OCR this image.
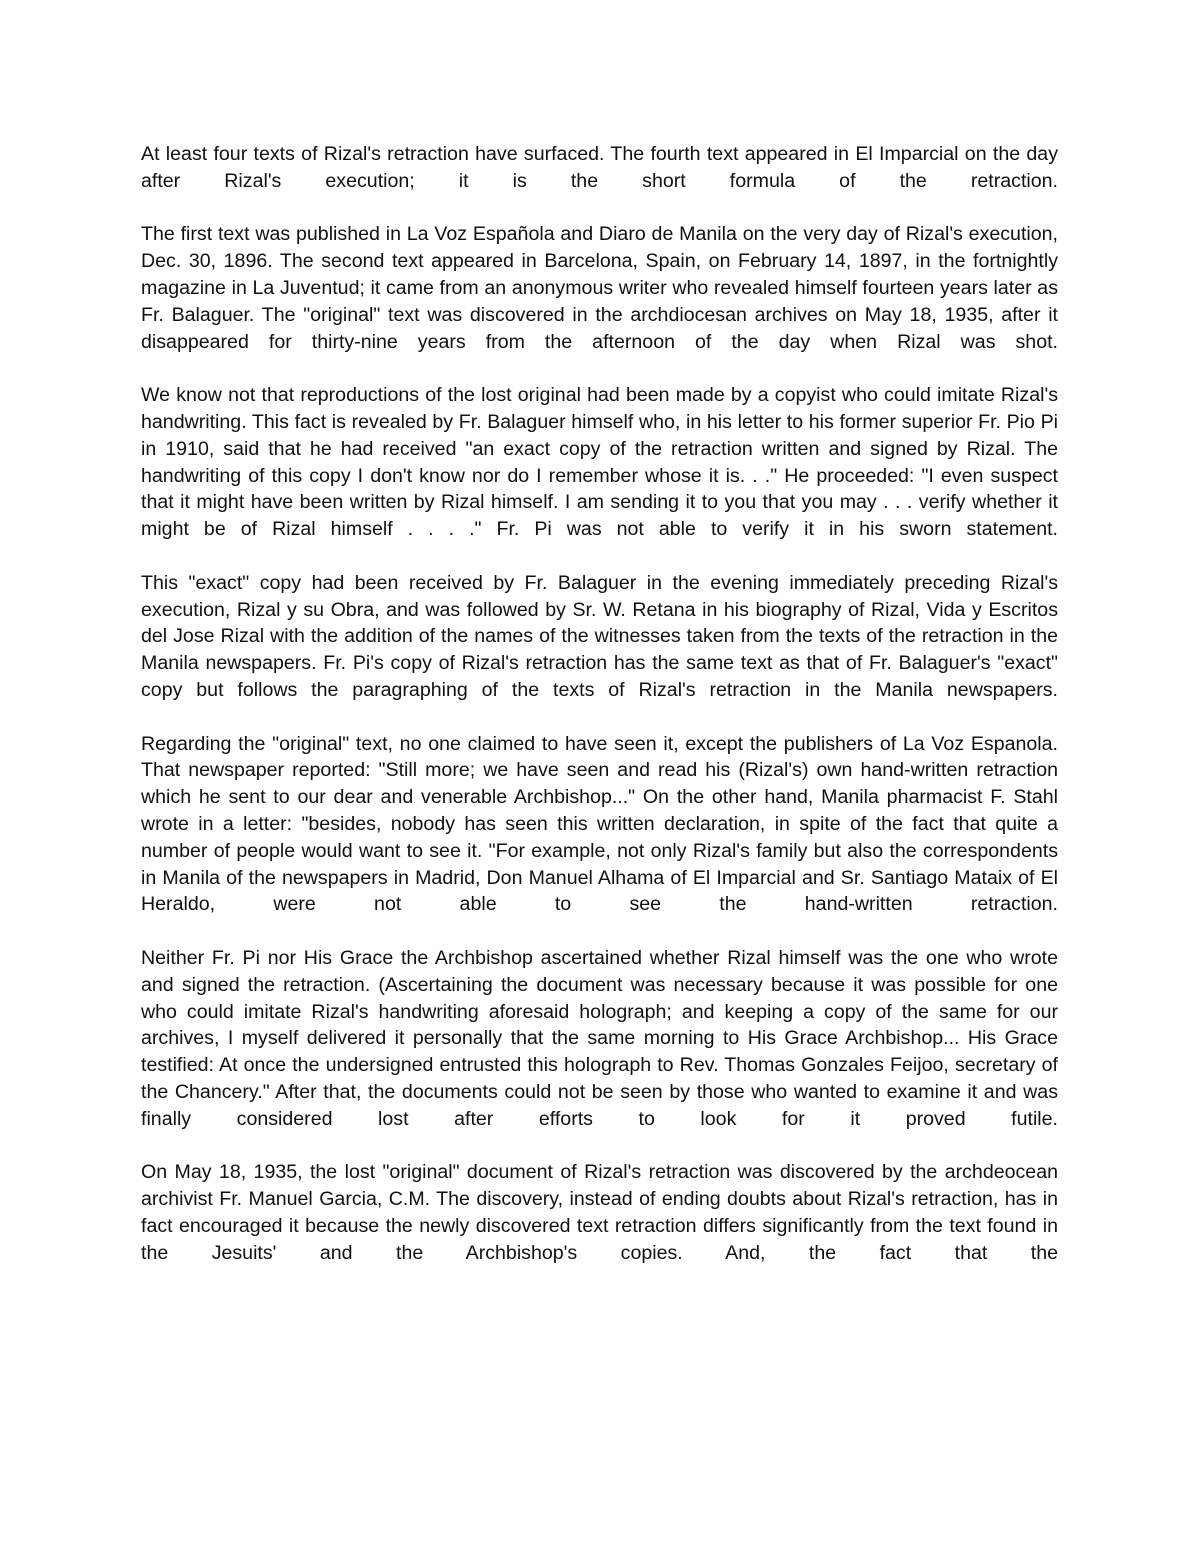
At least four texts of Rizal's retraction have surfaced. The fourth text appeared in El Imparcial on the day after Rizal's execution; it is the short formula of the retraction.

The first text was published in La Voz Española and Diaro de Manila on the very day of Rizal's execution, Dec. 30, 1896. The second text appeared in Barcelona, Spain, on February 14, 1897, in the fortnightly magazine in La Juventud; it came from an anonymous writer who revealed himself fourteen years later as Fr. Balaguer. The "original" text was discovered in the archdiocesan archives on May 18, 1935, after it disappeared for thirty-nine years from the afternoon of the day when Rizal was shot.

We know not that reproductions of the lost original had been made by a copyist who could imitate Rizal's handwriting. This fact is revealed by Fr. Balaguer himself who, in his letter to his former superior Fr. Pio Pi in 1910, said that he had received "an exact copy of the retraction written and signed by Rizal. The handwriting of this copy I don't know nor do I remember whose it is. . ." He proceeded: "I even suspect that it might have been written by Rizal himself. I am sending it to you that you may . . . verify whether it might be of Rizal himself . . . ." Fr. Pi was not able to verify it in his sworn statement.

This "exact" copy had been received by Fr. Balaguer in the evening immediately preceding Rizal's execution, Rizal y su Obra, and was followed by Sr. W. Retana in his biography of Rizal, Vida y Escritos del Jose Rizal with the addition of the names of the witnesses taken from the texts of the retraction in the Manila newspapers. Fr. Pi's copy of Rizal's retraction has the same text as that of Fr. Balaguer's "exact" copy but follows the paragraphing of the texts of Rizal's retraction in the Manila newspapers.

Regarding the "original" text, no one claimed to have seen it, except the publishers of La Voz Espanola. That newspaper reported: "Still more; we have seen and read his (Rizal's) own hand-written retraction which he sent to our dear and venerable Archbishop..." On the other hand, Manila pharmacist F. Stahl wrote in a letter: "besides, nobody has seen this written declaration, in spite of the fact that quite a number of people would want to see it. "For example, not only Rizal's family but also the correspondents in Manila of the newspapers in Madrid, Don Manuel Alhama of El Imparcial and Sr. Santiago Mataix of El Heraldo, were not able to see the hand-written retraction.

Neither Fr. Pi nor His Grace the Archbishop ascertained whether Rizal himself was the one who wrote and signed the retraction. (Ascertaining the document was necessary because it was possible for one who could imitate Rizal's handwriting aforesaid holograph; and keeping a copy of the same for our archives, I myself delivered it personally that the same morning to His Grace Archbishop... His Grace testified: At once the undersigned entrusted this holograph to Rev. Thomas Gonzales Feijoo, secretary of the Chancery." After that, the documents could not be seen by those who wanted to examine it and was finally considered lost after efforts to look for it proved futile.

On May 18, 1935, the lost "original" document of Rizal's retraction was discovered by the archdeocean archivist Fr. Manuel Garcia, C.M. The discovery, instead of ending doubts about Rizal's retraction, has in fact encouraged it because the newly discovered text retraction differs significantly from the text found in the Jesuits' and the Archbishop's copies. And, the fact that the
